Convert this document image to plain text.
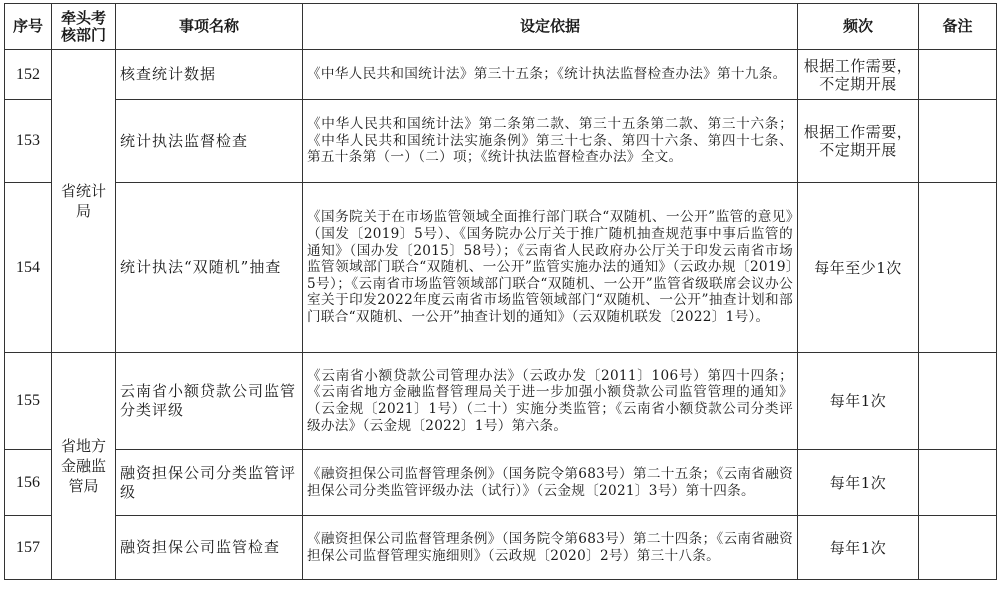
序号	牵头考核部门	事项名称	设定依据	频次	备注
152	省统计局	核查统计数据	《中华人民共和国统计法》第三十五条；《统计执法监督检查办法》第十九条。	根据工作需要，不定期开展	
153		统计执法监督检查	《中华人民共和国统计法》第二条第二款、第三十五条第二款、第三十六条；《中华人民共和国统计法实施条例》第三十七条、第四十六条、第四十七条、第五十条第（一）（二）项；《统计执法监督检查办法》全文。	根据工作需要，不定期开展	
154		统计执法“双随机”抽查	《国务院关于在市场监管领域全面推行部门联合“双随机、一公开”监管的意见》（国发〔2019〕5号）、《国务院办公厅关于推广随机抽查规范事中事后监管的通知》（国办发〔2015〕58号）；《云南省人民政府办公厅关于印发云南省市场监管领域部门联合“双随机、一公开”监管实施办法的通知》（云政办规〔2019〕5号）；《云南省市场监管领域部门联合“双随机、一公开”监管省级联席会议办公室关于印发2022年度云南省市场监管领域部门“双随机、一公开”抽查计划和部门联合“双随机、一公开”抽查计划的通知》（云双随机联发〔2022〕1号）。	每年至少1次	
155	省地方金融监管局	云南省小额贷款公司监管分类评级	《云南省小额贷款公司管理办法》（云政办发〔2011〕106号）第四十四条；《云南省地方金融监督管理局关于进一步加强小额贷款公司监管管理的通知》（云金规〔2021〕1号）（二十）实施分类监管；《云南省小额贷款公司分类评级办法》（云金规〔2022〕1号）第六条。	每年1次	
156		融资担保公司分类监管评级	《融资担保公司监督管理条例》（国务院令第683号）第二十五条；《云南省融资担保公司分类监管评级办法（试行）》（云金规〔2021〕3号）第十四条。	每年1次	
157		融资担保公司监管检查	《融资担保公司监督管理条例》（国务院令第683号）第二十四条；《云南省融资担保公司监督管理实施细则》（云政规〔2020〕2号）第三十八条。	每年1次	
